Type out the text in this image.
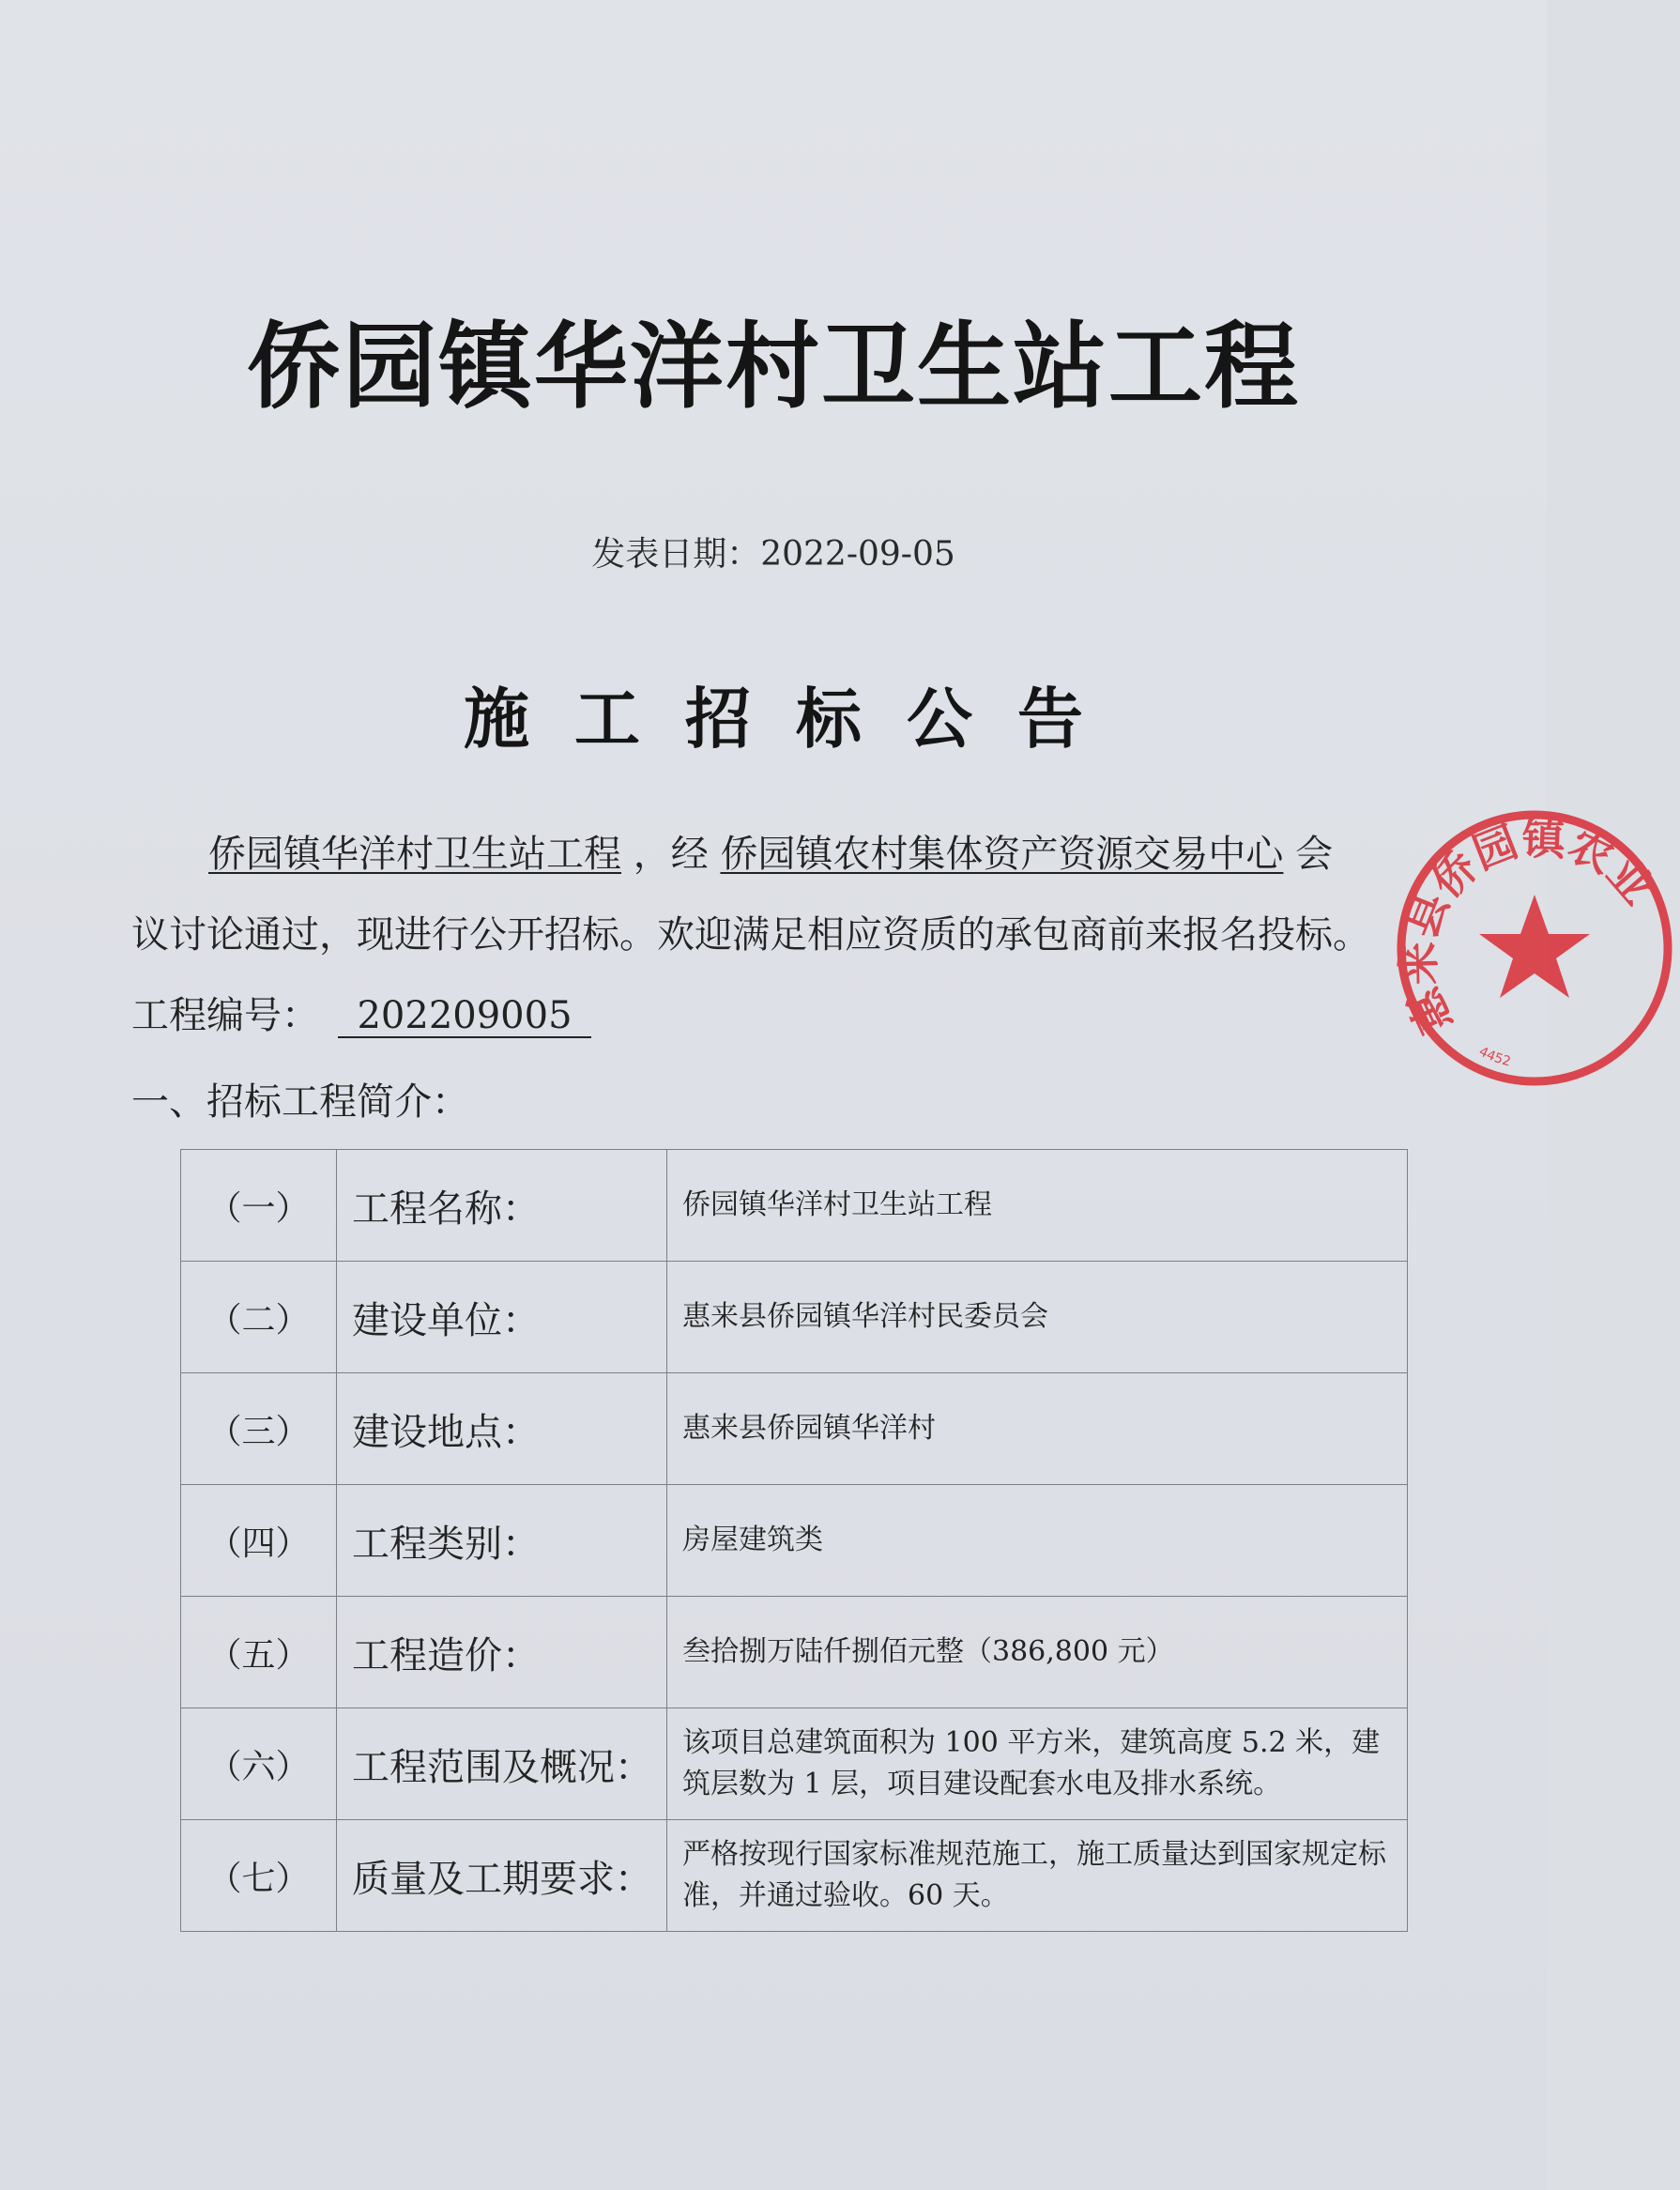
侨园镇华洋村卫生站工程
发表日期：2022-09-05
施工招标公告
侨园镇华洋村卫生站工程 ，经 侨园镇农村集体资产资源交易中心 会
议讨论通过，现进行公开招标。欢迎满足相应资质的承包商前来报名投标。
工程编号： 202209005
一、招标工程简介：
（一）	工程名称：	侨园镇华洋村卫生站工程
（二）	建设单位：	惠来县侨园镇华洋村民委员会
（三）	建设地点：	惠来县侨园镇华洋村
（四）	工程类别：	房屋建筑类
（五）	工程造价：	叁拾捌万陆仟捌佰元整（386,800 元）
（六）	工程范围及概况：	该项目总建筑面积为 100 平方米，建筑高度 5.2 米，建筑层数为 1 层，项目建设配套水电及排水系统。
（七）	质量及工期要求：	严格按现行国家标准规范施工，施工质量达到国家规定标准，并通过验收。60 天。
惠来县侨园镇农业
4452
